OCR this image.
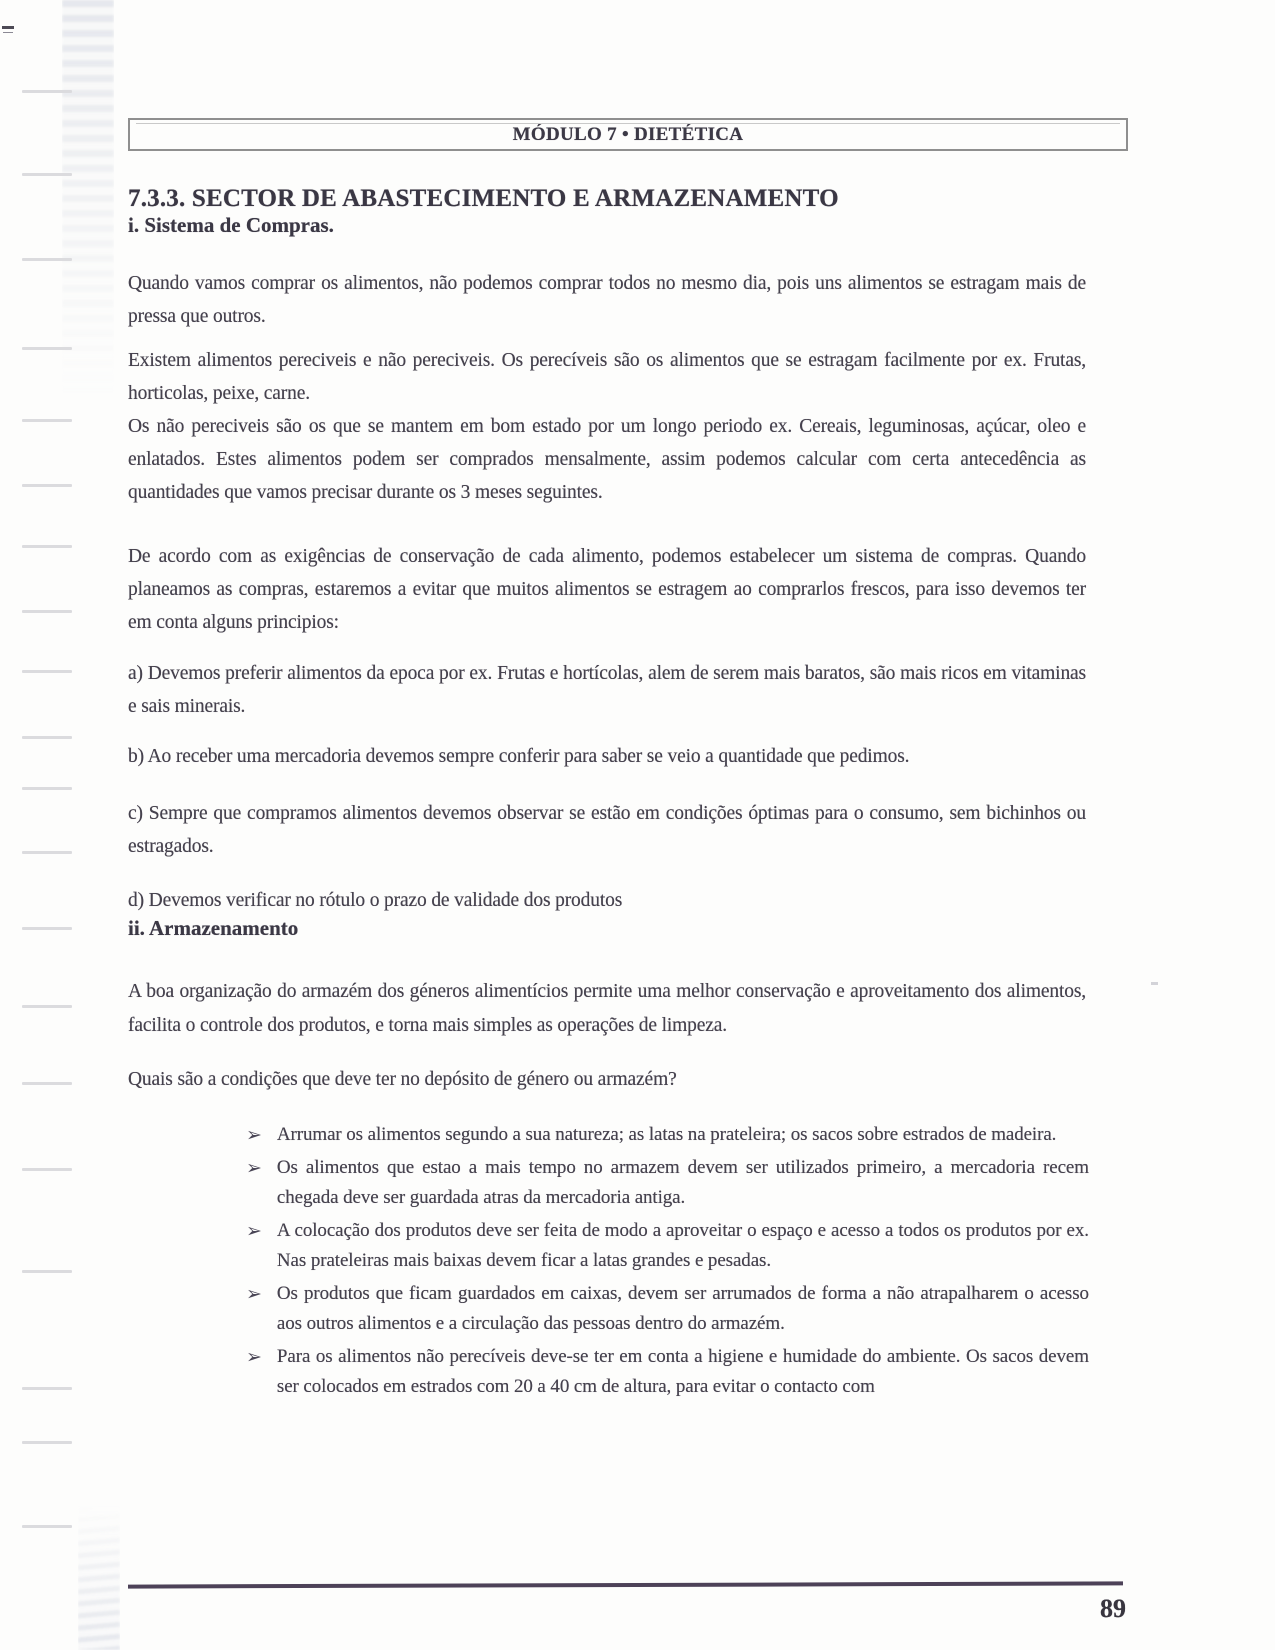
MÓDULO 7 • DIETÉTICA
7.3.3. SECTOR DE ABASTECIMENTO E ARMAZENAMENTO
i. Sistema de Compras.

Quando vamos comprar os alimentos, não podemos comprar todos no mesmo dia, pois uns alimentos se estragam mais de pressa que outros.

Existem alimentos pereciveis e não pereciveis. Os perecíveis são os alimentos que se estragam facilmente por ex. Frutas, horticolas, peixe, carne.

Os não pereciveis são os que se mantem em bom estado por um longo periodo ex. Cereais, leguminosas, açúcar, oleo e enlatados. Estes alimentos podem ser comprados mensalmente, assim podemos calcular com certa antecedência as quantidades que vamos precisar durante os 3 meses seguintes.

De acordo com as exigências de conservação de cada alimento, podemos estabelecer um sistema de compras. Quando planeamos as compras, estaremos a evitar que muitos alimentos se estragem ao comprarlos frescos, para isso devemos ter em conta alguns principios:

a) Devemos preferir alimentos da epoca por ex. Frutas e hortícolas, alem de serem mais baratos, são mais ricos em vitaminas e sais minerais.

b) Ao receber uma mercadoria devemos sempre conferir para saber se veio a quantidade que pedimos.

c) Sempre que compramos alimentos devemos observar se estão em condições óptimas para o consumo, sem bichinhos ou estragados.

d) Devemos verificar no rótulo o prazo de validade dos produtos

ii. Armazenamento

A boa organização do armazém dos géneros alimentícios permite uma melhor conservação e aproveitamento dos alimentos, facilita o controle dos produtos, e torna mais simples as operações de limpeza.

Quais são a condições que deve ter no depósito de género ou armazém?

➢ Arrumar os alimentos segundo a sua natureza; as latas na prateleira; os sacos sobre estrados de madeira.
➢ Os alimentos que estao a mais tempo no armazem devem ser utilizados primeiro, a mercadoria recem chegada deve ser guardada atras da mercadoria antiga.
➢ A colocação dos produtos deve ser feita de modo a aproveitar o espaço e acesso a todos os produtos por ex. Nas prateleiras mais baixas devem ficar a latas grandes e pesadas.
➢ Os produtos que ficam guardados em caixas, devem ser arrumados de forma a não atrapalharem o acesso aos outros alimentos e a circulação das pessoas dentro do armazém.
➢ Para os alimentos não perecíveis deve-se ter em conta a higiene e humidade do ambiente. Os sacos devem ser colocados em estrados com 20 a 40 cm de altura, para evitar o contacto com
89
